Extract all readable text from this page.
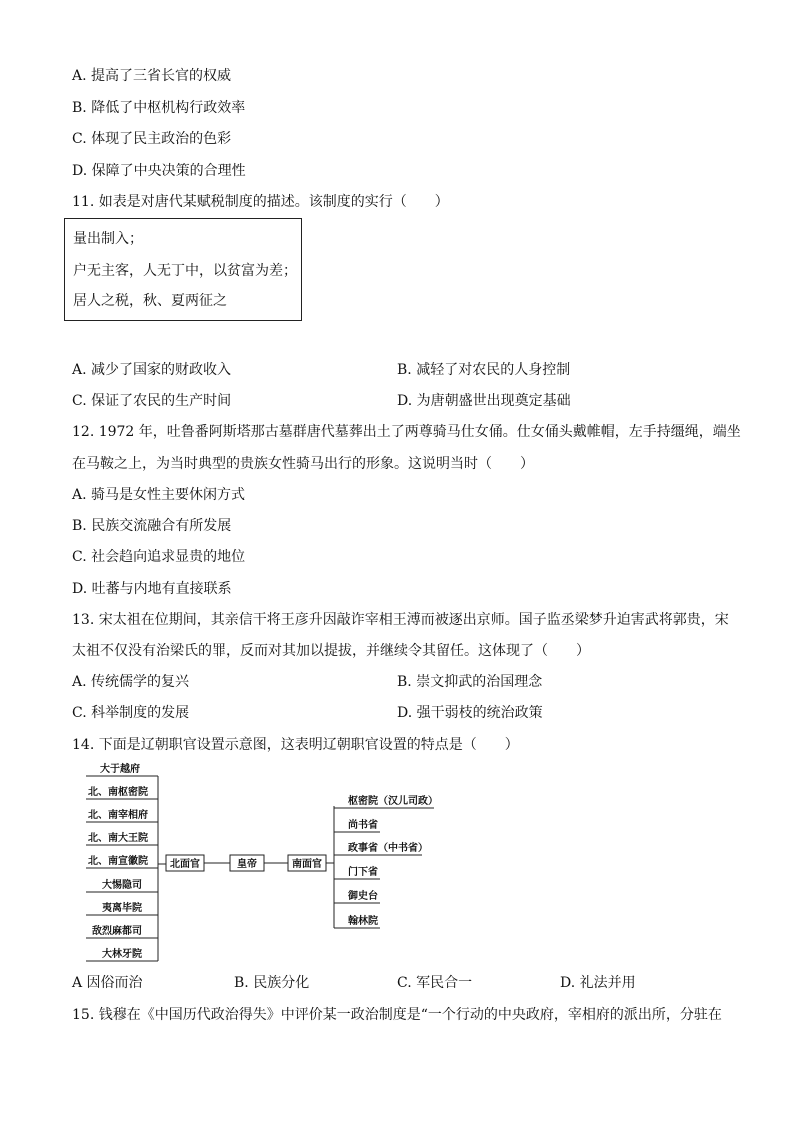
A. 提高了三省长官的权威
B. 降低了中枢机构行政效率
C. 体现了民主政治的色彩
D. 保障了中央决策的合理性
11. 如表是对唐代某赋税制度的描述。该制度的实行（　　）
量出制入；
户无主客，人无丁中，以贫富为差；
居人之税，秋、夏两征之
A. 减少了国家的财政收入	B. 减轻了对农民的人身控制
C. 保证了农民的生产时间	D. 为唐朝盛世出现奠定基础
12. 1972 年，吐鲁番阿斯塔那古墓群唐代墓葬出土了两尊骑马仕女俑。仕女俑头戴帷帽，左手持缰绳，端坐
在马鞍之上，为当时典型的贵族女性骑马出行的形象。这说明当时（　　）
A. 骑马是女性主要休闲方式
B. 民族交流融合有所发展
C. 社会趋向追求显贵的地位
D. 吐蕃与内地有直接联系
13. 宋太祖在位期间，其亲信干将王彦升因敲诈宰相王溥而被逐出京师。国子监丞梁梦升迫害武将郭贵，宋
太祖不仅没有治梁氏的罪，反而对其加以提拔，并继续令其留任。这体现了（　　）
A. 传统儒学的复兴	B. 崇文抑武的治国理念
C. 科举制度的发展	D. 强干弱枝的统治政策
14. 下面是辽朝职官设置示意图，这表明辽朝职官设置的特点是（　　）
大于越府
北、南枢密院
北、南宰相府
北、南大王院
北、南宣徽院
大惕隐司
夷离毕院
敌烈麻都司
大林牙院
北面官	皇帝	南面官
枢密院（汉儿司政）
尚书省
政事省（中书省）
门下省
御史台
翰林院
A 因俗而治	B. 民族分化	C. 军民合一	D. 礼法并用
15. 钱穆在《中国历代政治得失》中评价某一政治制度是“一个行动的中央政府，宰相府的派出所，分驻在
